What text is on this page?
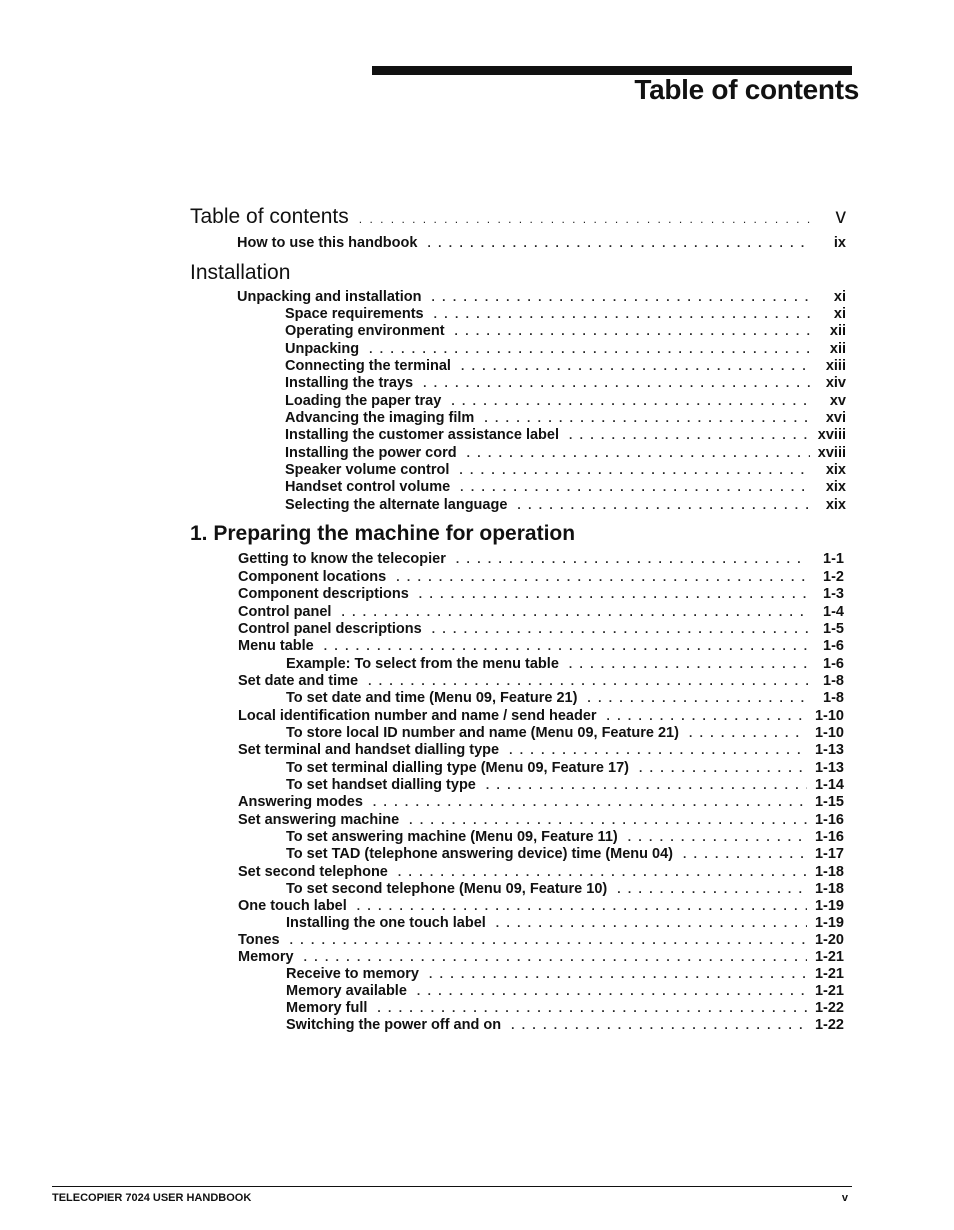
Table of contents
Table of contents . . .	v
How to use this handbook . . .	ix
Installation
Unpacking and installation . . .	xi
Space requirements . . .	xi
Operating environment . . .	xii
Unpacking . . .	xii
Connecting the terminal . . .	xiii
Installing the trays . . .	xiv
Loading the paper tray . . .	xv
Advancing the imaging film . . .	xvi
Installing the customer assistance label . . .	xviii
Installing the power cord . . .	xviii
Speaker volume control . . .	xix
Handset control volume . . .	xix
Selecting the alternate language . . .	xix
1. Preparing the machine for operation
Getting to know the telecopier . . .	1-1
Component locations . . .	1-2
Component descriptions . . .	1-3
Control panel . . .	1-4
Control panel descriptions . . .	1-5
Menu table . . .	1-6
Example: To select from the menu table . . .	1-6
Set date and time . . .	1-8
To set date and time (Menu 09, Feature 21) . . .	1-8
Local identification number and name / send header . . .	1-10
To store local ID number and name (Menu 09, Feature 21) . . .	1-10
Set terminal and handset dialling type . . .	1-13
To set terminal dialling type (Menu 09, Feature 17) . . .	1-13
To set handset dialling type . . .	1-14
Answering modes . . .	1-15
Set answering machine . . .	1-16
To set answering machine (Menu 09, Feature 11) . . .	1-16
To set TAD (telephone answering device) time (Menu 04) . . .	1-17
Set second telephone . . .	1-18
To set second telephone (Menu 09, Feature 10) . . .	1-18
One touch label . . .	1-19
Installing the one touch label . . .	1-19
Tones . . .	1-20
Memory . . .	1-21
Receive to memory . . .	1-21
Memory available . . .	1-21
Memory full . . .	1-22
Switching the power off and on . . .	1-22
TELECOPIER 7024 USER HANDBOOK	v
